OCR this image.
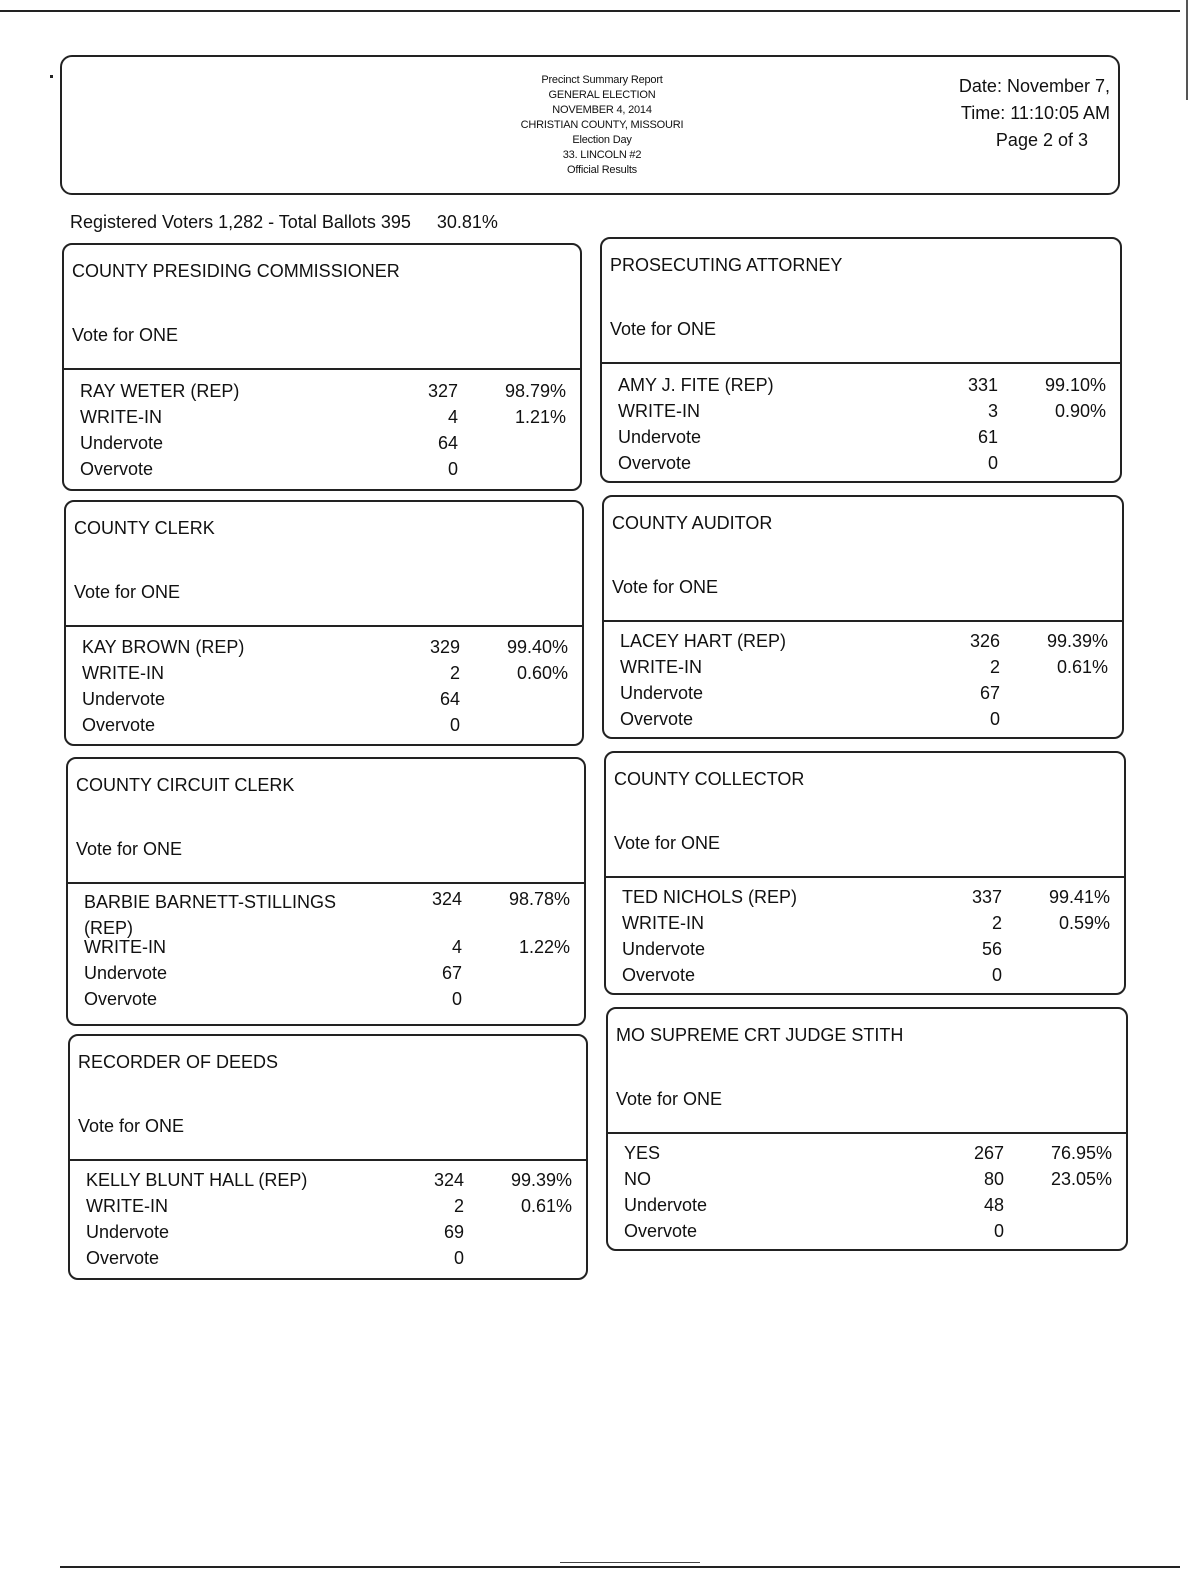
Precinct Summary Report
GENERAL ELECTION
NOVEMBER 4, 2014
CHRISTIAN COUNTY, MISSOURI
Election Day
33. LINCOLN #2
Official Results
Date: November 7,
Time: 11:10:05 AM
Page 2 of 3
Registered Voters 1,282 - Total Ballots 395 30.81%
COUNTY PRESIDING COMMISSIONER
Vote for ONE
RAY WETER (REP)	327	98.79%
WRITE-IN	4	1.21%
Undervote	64
Overvote	0
PROSECUTING ATTORNEY
Vote for ONE
AMY J. FITE (REP)	331	99.10%
WRITE-IN	3	0.90%
Undervote	61
Overvote	0
COUNTY CLERK
Vote for ONE
KAY BROWN (REP)	329	99.40%
WRITE-IN	2	0.60%
Undervote	64
Overvote	0
COUNTY AUDITOR
Vote for ONE
LACEY HART (REP)	326	99.39%
WRITE-IN	2	0.61%
Undervote	67
Overvote	0
COUNTY CIRCUIT CLERK
Vote for ONE
BARBIE BARNETT-STILLINGS (REP)
324	98.78%
WRITE-IN	4	1.22%
Undervote	67
Overvote	0
COUNTY COLLECTOR
Vote for ONE
TED NICHOLS (REP)	337	99.41%
WRITE-IN	2	0.59%
Undervote	56
Overvote	0
RECORDER OF DEEDS
Vote for ONE
KELLY BLUNT HALL (REP)	324	99.39%
WRITE-IN	2	0.61%
Undervote	69
Overvote	0
MO SUPREME CRT JUDGE STITH
Vote for ONE
YES	267	76.95%
NO	80	23.05%
Undervote	48
Overvote	0
